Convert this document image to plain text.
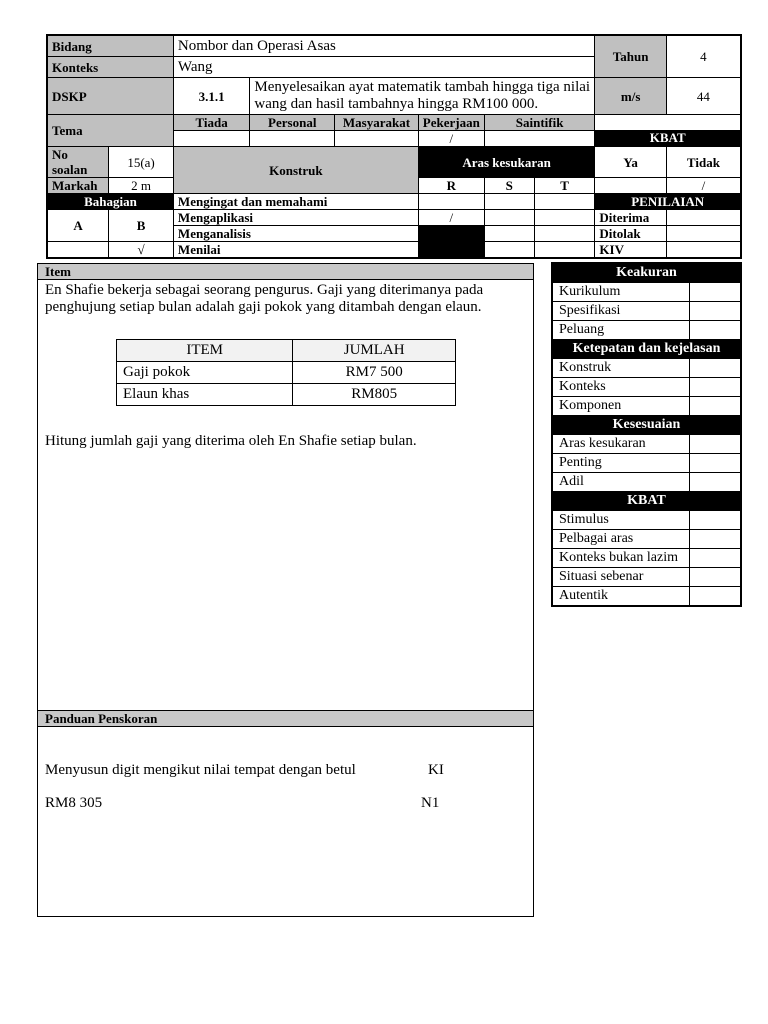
Bidang		Nombor dan Operasi Asas						Tahun	4
Konteks		Wang							
DSKP		3.1.1	Menyelesaikan ayat matematik tambah hingga tiga nilai wang dan hasil tambahnya hingga RM100 000.					m/s	44
Tema		Tiada	Personal	Masyarakat	Pekerjaan	Saintifik		KBAT	

					/				
No soalan	15(a)	Konstruk			Aras kesukaran			Ya	Tidak
Markah	2 m				R	S	T		/
Bahagian		Mengingat dan memahami						PENILAIAN	
A	B	Mengaplikasi			/			Diterima	
		Menganalisis						Ditolak	
	√	Menilai						KIV	
Item
En Shafie bekerja sebagai seorang pengurus. Gaji yang diterimanya pada penghujung setiap bulan adalah gaji pokok yang ditambah dengan elaun.
ITEM	JUMLAH
Gaji pokok	RM7 500
Elaun khas	RM805
Hitung jumlah gaji yang diterima oleh En Shafie setiap bulan.
Panduan Penskoran
Menyusun digit mengikut nilai tempat dengan betul	KI
RM8 305	N1
Keakuran	
Kurikulum	
Spesifikasi	
Peluang	
Ketepatan dan kejelasan	
Konstruk	
Konteks	
Komponen	
Kesesuaian	
Aras kesukaran	
Penting	
Adil	
KBAT	
Stimulus	
Pelbagai aras	
Konteks bukan lazim	
Situasi sebenar	
Autentik	
